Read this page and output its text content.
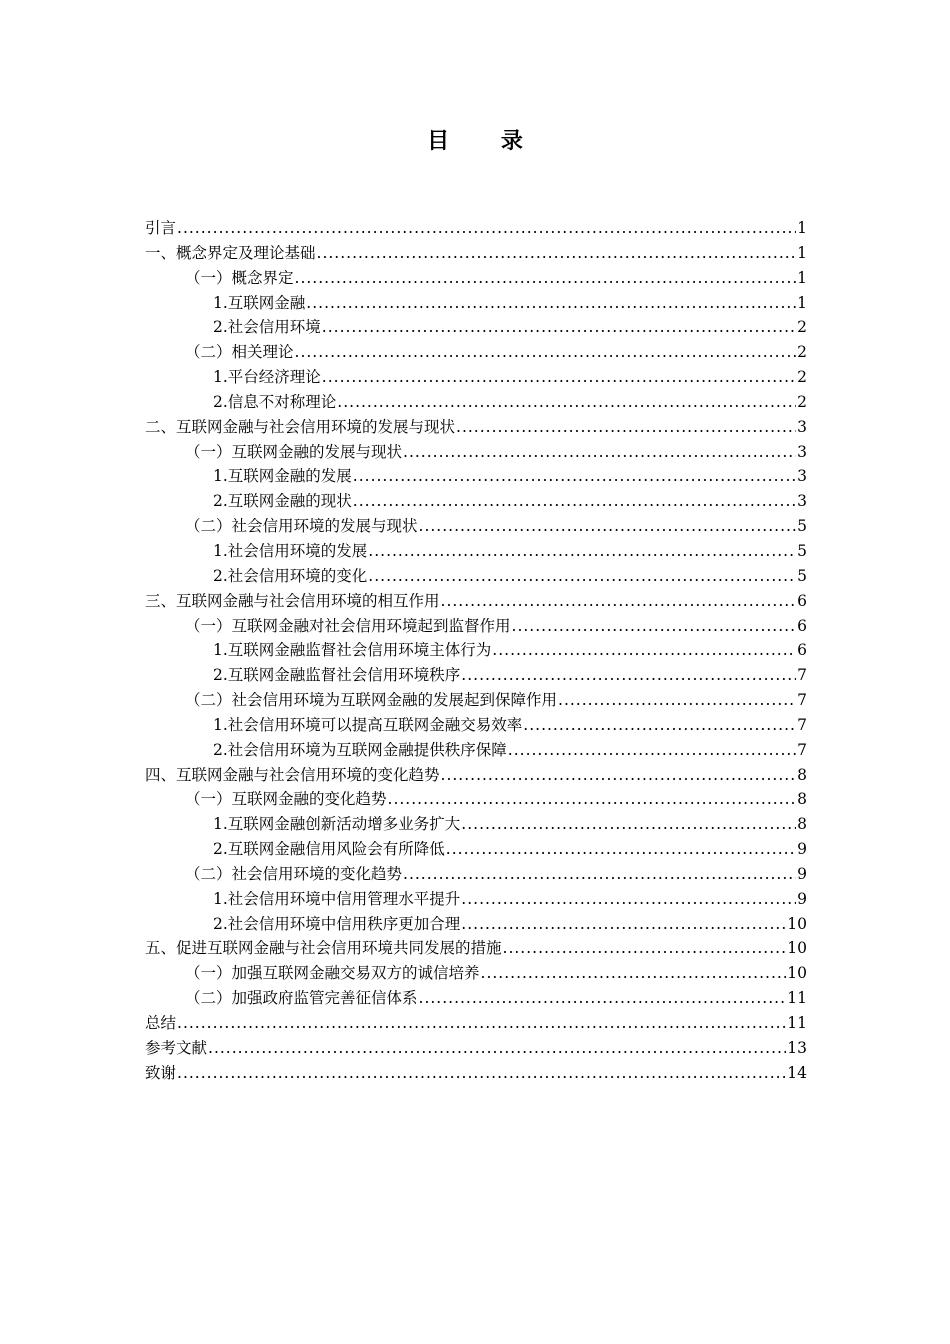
目 录
引言 .....	1
一、概念界定及理论基础 .....	1
（一）概念界定 .....	1
1.互联网金融 .....	1
2.社会信用环境 .....	2
（二）相关理论 .....	2
1.平台经济理论 .....	2
2.信息不对称理论 .....	2
二、互联网金融与社会信用环境的发展与现状 .....	3
（一）互联网金融的发展与现状 .....	3
1.互联网金融的发展 .....	3
2.互联网金融的现状 .....	3
（二）社会信用环境的发展与现状 .....	5
1.社会信用环境的发展 .....	5
2.社会信用环境的变化 .....	5
三、互联网金融与社会信用环境的相互作用 .....	6
（一）互联网金融对社会信用环境起到监督作用 .....	6
1.互联网金融监督社会信用环境主体行为 .....	6
2.互联网金融监督社会信用环境秩序 .....	7
（二）社会信用环境为互联网金融的发展起到保障作用 .....	7
1.社会信用环境可以提高互联网金融交易效率 .....	7
2.社会信用环境为互联网金融提供秩序保障 .....	7
四、互联网金融与社会信用环境的变化趋势 .....	8
（一）互联网金融的变化趋势 .....	8
1.互联网金融创新活动增多业务扩大 .....	8
2.互联网金融信用风险会有所降低 .....	9
（二）社会信用环境的变化趋势 .....	9
1.社会信用环境中信用管理水平提升 .....	9
2.社会信用环境中信用秩序更加合理 .....	10
五、促进互联网金融与社会信用环境共同发展的措施 .....	10
（一）加强互联网金融交易双方的诚信培养 .....	10
（二）加强政府监管完善征信体系 .....	11
总结 .....	11
参考文献 .....	13
致谢 .....	14
